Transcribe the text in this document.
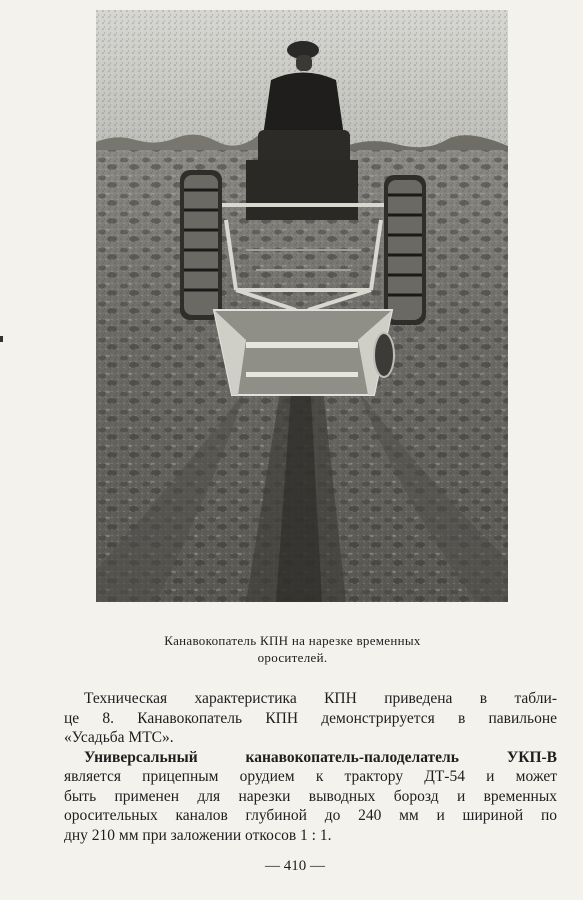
Канавокопатель КПН на нарезке временных
оросителей.

Техническая характеристика КПН приведена в табли-
це 8. Канавокопатель КПН демонстрируется в павильоне
«Усадьба МТС».

Универсальный канавокопатель-палоделатель УКП-В
является прицепным орудием к трактору ДТ-54 и может
быть применен для нарезки выводных борозд и временных
оросительных каналов глубиной до 240 мм и шириной по
дну 210 мм при заложении откосов 1 : 1.

— 410 —
